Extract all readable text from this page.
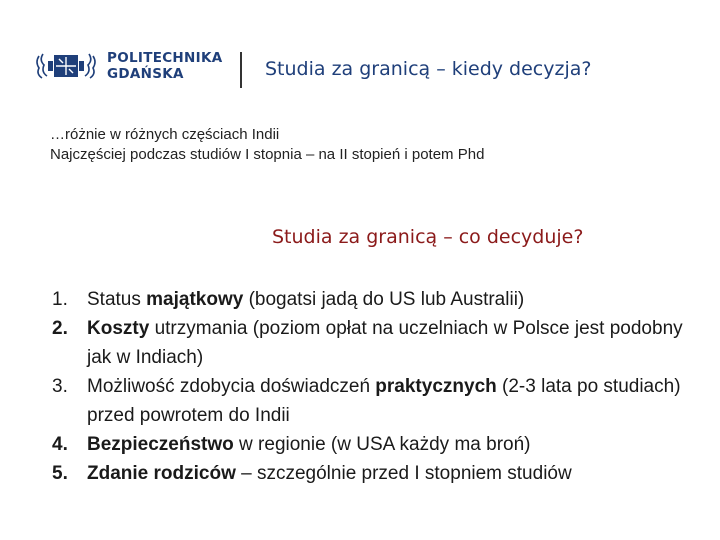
POLITECHNIKA
GDAŃSKA	Studia za granicą – kiedy decyzja?
…różnie w różnych częściach Indii
Najczęściej podczas studiów I stopnia – na II stopień i potem Phd
Studia za granicą – co decyduje?
1. Status majątkowy (bogatsi jadą do US lub Australii)
2. Koszty utrzymania (poziom opłat na uczelniach w Polsce jest podobny jak w Indiach)
3. Możliwość zdobycia doświadczeń praktycznych (2-3 lata po studiach) przed powrotem do Indii
4. Bezpieczeństwo w regionie (w USA każdy ma broń)
5. Zdanie rodziców – szczególnie przed I stopniem studiów
